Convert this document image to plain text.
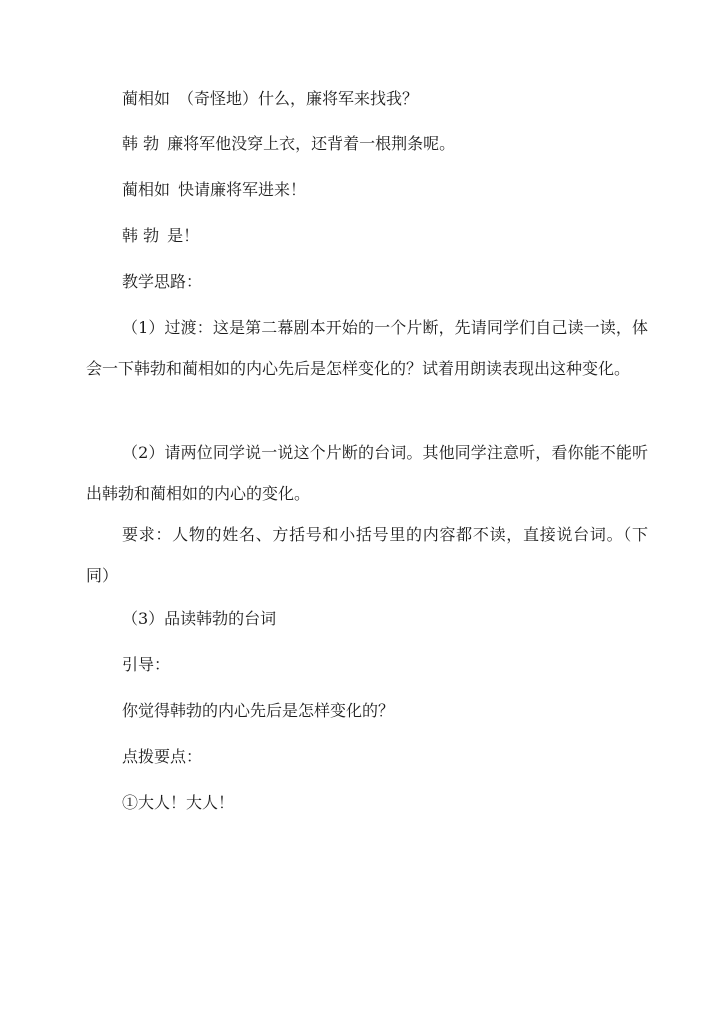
蔺相如 （奇怪地）什么，廉将军来找我？

韩 勃 廉将军他没穿上衣，还背着一根荆条呢。

蔺相如 快请廉将军进来！

韩 勃 是！

教学思路：

（1）过渡：这是第二幕剧本开始的一个片断，先请同学们自己读一读，体会一下韩勃和蔺相如的内心先后是怎样变化的？试着用朗读表现出这种变化。

（2）请两位同学说一说这个片断的台词。其他同学注意听，看你能不能听出韩勃和蔺相如的内心的变化。

要求：人物的姓名、方括号和小括号里的内容都不读，直接说台词。（下同）

（3）品读韩勃的台词

引导：

你觉得韩勃的内心先后是怎样变化的？

点拨要点：

①大人！大人！
